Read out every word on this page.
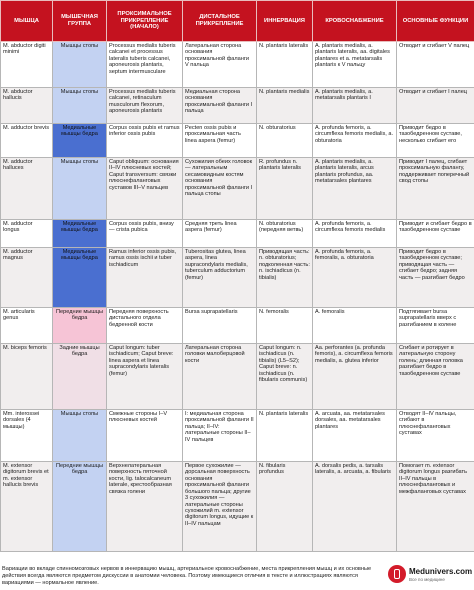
МЫШЦА	МЫШЕЧНАЯ ГРУППА	ПРОКСИМАЛЬНОЕ ПРИКРЕПЛЕНИЕ (НАЧАЛО)	ДИСТАЛЬНОЕ ПРИКРЕПЛЕНИЕ	ИННЕРВАЦИЯ	КРОВОСНАБЖЕНИЕ	ОСНОВНЫЕ ФУНКЦИИ
M. abductor digiti minimi	Мышцы стопы	Processus medialis tuberis calcanei et processus lateralis tuberis calcanei, aponeurosis plantaris, septum intermusculare	Латеральная сторона основания проксимальной фаланги V пальца	N. plantaris lateralis	A. plantaris medialis, a. plantaris lateralis, aa. digitales plantares et a. metatarsalis plantaris к V пальцу	Отводит и сгибает V палец
M. abductor hallucis	Мышцы стопы	Processus medialis tuberis calcanei, retinaculum musculorum flexorum, aponeurosis plantaris	Медиальная сторона основания проксимальной фаланги I пальца	N. plantaris medialis	A. plantaris medialis, a. metatarsalis plantaris I	Отводит и сгибает I палец
M. adductor brevis	Медиальные мышцы бедра	Corpus ossis pubis et ramus inferior ossis pubis	Pecten ossis pubis и проксимальная часть linea aspera (femur)	N. obturatorius	A. profunda femoris, a. circumflexa femoris medialis, a. obturatoria	Приводит бедро в тазобедренном суставе, несколько сгибает его
M. adductor halluces	Мышцы стопы	Caput obliquum: основания II–IV плюсневых костей; Caput transversum: связки плюснефаланговых суставов III–V пальцев	Сухожилия обеих головок — латеральным сесамовидным костям основания проксимальной фаланги I пальца стопы	R. profundus n. plantaris lateralis	A. plantaris medialis, a. plantaris lateralis, arcus plantaris profundus, aa. metatarsales plantares	Приводит I палец, сгибает проксимальную фалангу, поддерживает поперечный свод стопы
M. adductor longus	Медиальные мышцы бедра	Corpus ossis pubis, внизу — crista pubica	Средняя треть linea aspera (femur)	N. obturatorius (передняя ветвь)	A. profunda femoris, a. circumflexa femoris medialis	Приводит и сгибает бедро в тазобедренном суставе
M. adductor magnus	Медиальные мышцы бедра	Ramus inferior ossis pubis, ramus ossis ischii и tuber ischiadicum	Tuberositas glutea, linea aspera, linea supracondylaris medialis, tuberculum adductorium (femur)	Приводящая часть: n. obturatorius; подколенная часть: n. ischiadicus (n. tibialis)	A. profunda femoris, a. femoralis, a. obturatoria	Приводит бедро в тазобедренном суставе; приводящая часть — сгибает бедро; задняя часть — разгибает бедро
M. articularis genus	Передние мышцы бедра	Передняя поверхность дистального отдела бедренной кости	Bursa suprapatellaris	N. femoralis	A. femoralis	Подтягивает bursa suprapatellaris вверх с разгибанием в колене
M. biceps femoris	Задние мышцы бедра	Caput longum: tuber ischiadicum; Caput breve: linea aspera et linea supracondylaris lateralis (femur)	Латеральная сторона головки малоберцовой кости	Caput longum: n. ischiadicus (n. tibialis) (L5–S2); Caput breve: n. ischiadicus (n. fibularis communis)	Aa. perforantes (a. profunda femoris), a. circumflexa femoris medialis, a. glutea inferior	Сгибает и ротирует в латеральную сторону голень; длинная головка разгибает бедро в тазобедренном суставе
Mm. interossei dorsales (4 мышцы)	Мышцы стопы	Смежные стороны I–V плюсневых костей	I: медиальная сторона проксимальной фаланги II пальца; II–IV: латеральные стороны II–IV пальцев	N. plantaris lateralis	A. arcuata, aa. metatarsales dorsales, aa. metatarsales plantares	Отводят II–IV пальцы, сгибают в плюснефаланговых суставах
M. extensor digitorum brevis et m. extensor hallucis brevis	Передние мышцы бедра	Верхнелатеральная поверхность пяточной кости, lig. talocalcaneum laterale, крестообразная связка голени	Первое сухожилие — дорсальная поверхность основания проксимальной фаланги большого пальца; другие 3 сухожилия — латеральные стороны сухожилий m. extensor digitorum longus, идущие к II–IV пальцам	N. fibularis profundus	A. dorsalis pedis, a. tarsalis lateralis, a. arcuata, a. fibularis	Помогает m. extensor digitorum longus разгибать II–IV пальцы в плюснефаланговых и межфаланговых суставах
Вариации во вкладе спинномозговых нервов в иннервацию мышц, артериальное кровоснабжение, места прикрепления мышц и их основные действия всегда являются предметом дискуссии в анатомии человека. Поэтому имеющиеся отличия в тексте и иллюстрациях являются вариациями — нормальное явление.
Medunivers.com
Все по медицине
